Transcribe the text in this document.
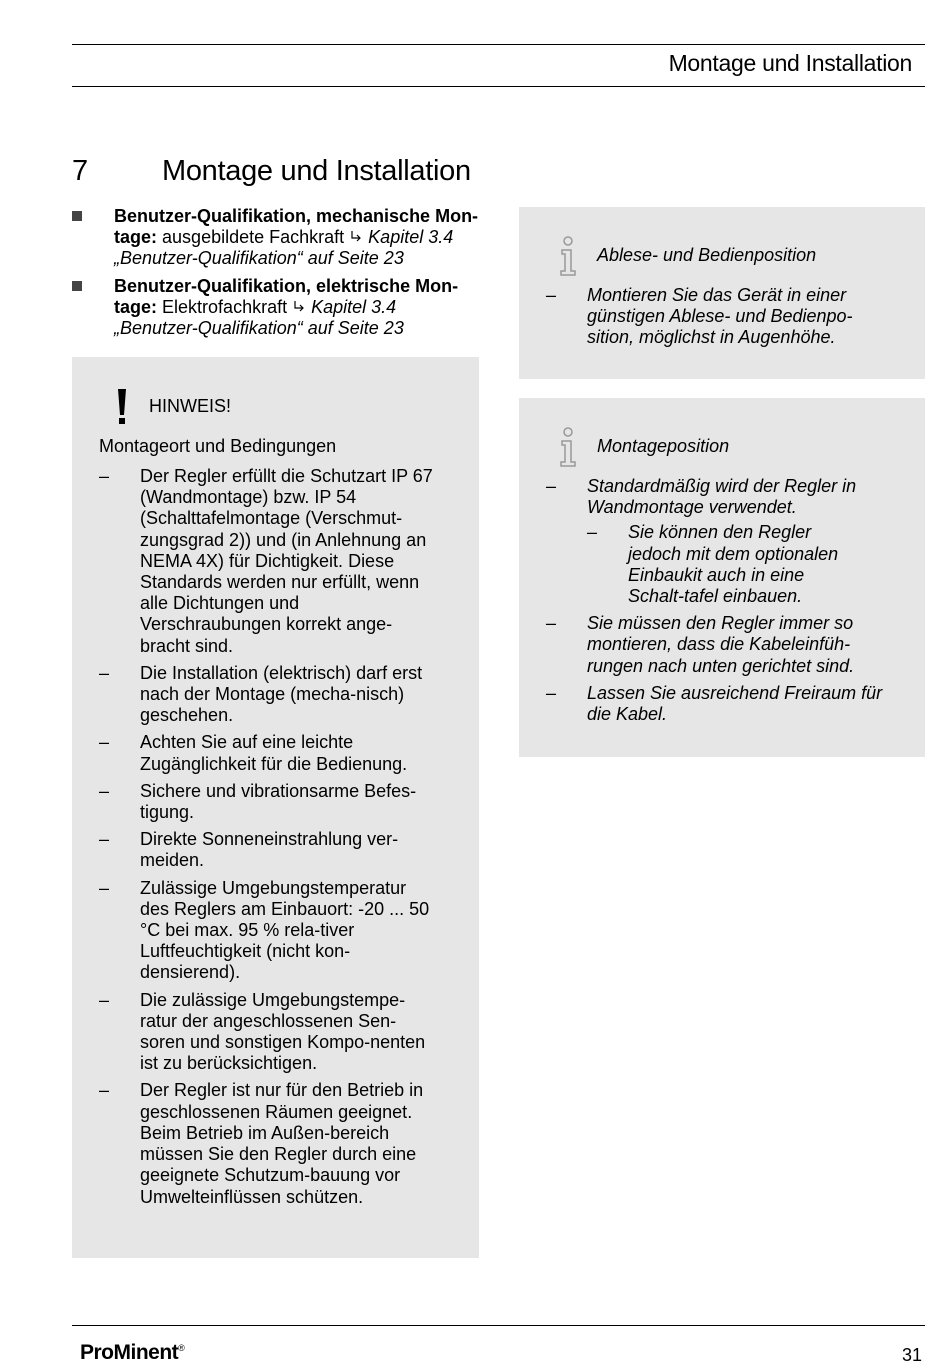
Montage und Installation
7	Montage und Installation
Benutzer-Qualifikation, mechanische Mon-
tage: ausgebildete Fachkraft Kapitel 3.4
„Benutzer-Qualifikation“ auf Seite 23
Benutzer-Qualifikation, elektrische Mon-
tage: Elektrofachkraft Kapitel 3.4
„Benutzer-Qualifikation“ auf Seite 23
HINWEIS!
Montageort und Bedingungen
– Der Regler erfüllt die Schutzart IP 67 (Wandmontage) bzw. IP 54 (Schalttafelmontage (Verschmut-zungsgrad 2)) und (in Anlehnung an NEMA 4X) für Dichtigkeit. Diese Standards werden nur erfüllt, wenn alle Dichtungen und Verschraubungen korrekt ange-bracht sind.
– Die Installation (elektrisch) darf erst nach der Montage (mecha-nisch) geschehen.
– Achten Sie auf eine leichte Zugänglichkeit für die Bedienung.
– Sichere und vibrationsarme Befes-tigung.
– Direkte Sonneneinstrahlung ver-meiden.
– Zulässige Umgebungstemperatur des Reglers am Einbauort: -20 ... 50 °C bei max. 95 % rela-tiver Luftfeuchtigkeit (nicht kon-densierend).
– Die zulässige Umgebungstempe-ratur der angeschlossenen Sen-soren und sonstigen Kompo-nenten ist zu berücksichtigen.
– Der Regler ist nur für den Betrieb in geschlossenen Räumen geeignet. Beim Betrieb im Außen-bereich müssen Sie den Regler durch eine geeignete Schutzum-bauung vor Umwelteinflüssen schützen.
Ablese- und Bedienposition
– Montieren Sie das Gerät in einer günstigen Ablese- und Bedienpo-sition, möglichst in Augenhöhe.
Montageposition
– Standardmäßig wird der Regler in Wandmontage verwendet.
– Sie können den Regler jedoch mit dem optionalen Einbaukit auch in eine Schalt-tafel einbauen.
– Sie müssen den Regler immer so montieren, dass die Kabeleinfüh-rungen nach unten gerichtet sind.
– Lassen Sie ausreichend Freiraum für die Kabel.
ProMinent®	31
